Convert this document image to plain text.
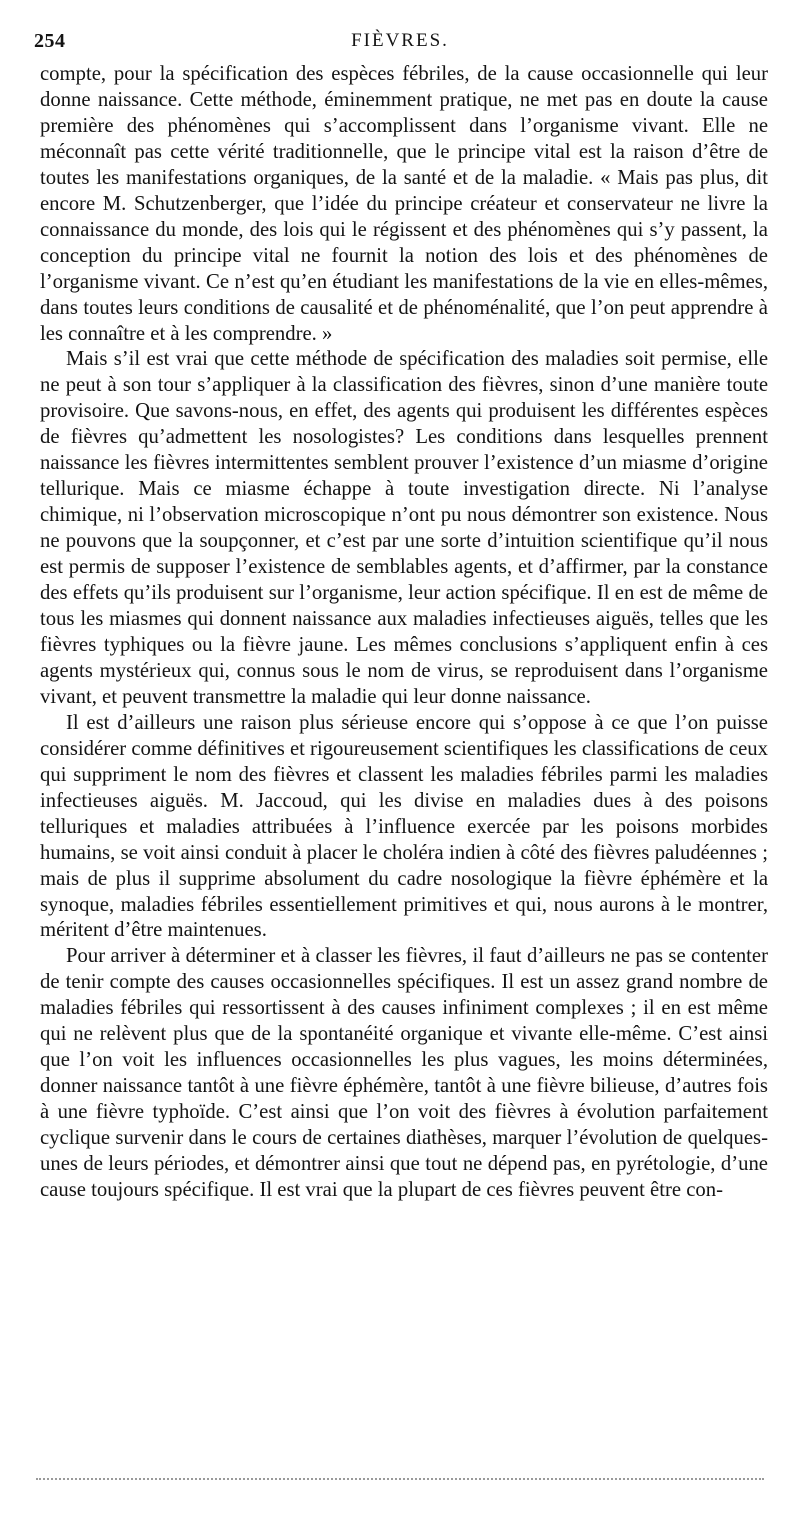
254	FIÈVRES.

compte, pour la spécification des espèces fébriles, de la cause occasionnelle qui leur donne naissance. Cette méthode, éminemment pratique, ne met pas en doute la cause première des phénomènes qui s’accomplissent dans l’organisme vivant. Elle ne méconnaît pas cette vérité traditionnelle, que le principe vital est la raison d’être de toutes les manifestations organiques, de la santé et de la maladie. « Mais pas plus, dit encore M. Schutzenberger, que l’idée du principe créateur et conservateur ne livre la connaissance du monde, des lois qui le régissent et des phénomènes qui s’y passent, la conception du principe vital ne fournit la notion des lois et des phénomènes de l’organisme vivant. Ce n’est qu’en étudiant les manifestations de la vie en elles-mêmes, dans toutes leurs conditions de causalité et de phénoménalité, que l’on peut apprendre à les connaître et à les comprendre. »

Mais s’il est vrai que cette méthode de spécification des maladies soit permise, elle ne peut à son tour s’appliquer à la classification des fièvres, sinon d’une manière toute provisoire. Que savons-nous, en effet, des agents qui produisent les différentes espèces de fièvres qu’admettent les nosologistes? Les conditions dans lesquelles prennent naissance les fièvres intermittentes semblent prouver l’existence d’un miasme d’origine tellurique. Mais ce miasme échappe à toute investigation directe. Ni l’analyse chimique, ni l’observation microscopique n’ont pu nous démontrer son existence. Nous ne pouvons que la soupçonner, et c’est par une sorte d’intuition scientifique qu’il nous est permis de supposer l’existence de semblables agents, et d’affirmer, par la constance des effets qu’ils produisent sur l’organisme, leur action spécifique. Il en est de même de tous les miasmes qui donnent naissance aux maladies infectieuses aiguës, telles que les fièvres typhiques ou la fièvre jaune. Les mêmes conclusions s’appliquent enfin à ces agents mystérieux qui, connus sous le nom de virus, se reproduisent dans l’organisme vivant, et peuvent transmettre la maladie qui leur donne naissance.

Il est d’ailleurs une raison plus sérieuse encore qui s’oppose à ce que l’on puisse considérer comme définitives et rigoureusement scientifiques les classifications de ceux qui suppriment le nom des fièvres et classent les maladies fébriles parmi les maladies infectieuses aiguës. M. Jaccoud, qui les divise en maladies dues à des poisons telluriques et maladies attribuées à l’influence exercée par les poisons morbides humains, se voit ainsi conduit à placer le choléra indien à côté des fièvres paludéennes ; mais de plus il supprime absolument du cadre nosologique la fièvre éphémère et la synoque, maladies fébriles essentiellement primitives et qui, nous aurons à le montrer, méritent d’être maintenues.

Pour arriver à déterminer et à classer les fièvres, il faut d’ailleurs ne pas se contenter de tenir compte des causes occasionnelles spécifiques. Il est un assez grand nombre de maladies fébriles qui ressortissent à des causes infiniment complexes ; il en est même qui ne relèvent plus que de la spontanéité organique et vivante elle-même. C’est ainsi que l’on voit les influences occasionnelles les plus vagues, les moins déterminées, donner naissance tantôt à une fièvre éphémère, tantôt à une fièvre bilieuse, d’autres fois à une fièvre typhoïde. C’est ainsi que l’on voit des fièvres à évolution parfaitement cyclique survenir dans le cours de certaines diathèses, marquer l’évolution de quelques-unes de leurs périodes, et démontrer ainsi que tout ne dépend pas, en pyrétologie, d’une cause toujours spécifique. Il est vrai que la plupart de ces fièvres peuvent être con-
